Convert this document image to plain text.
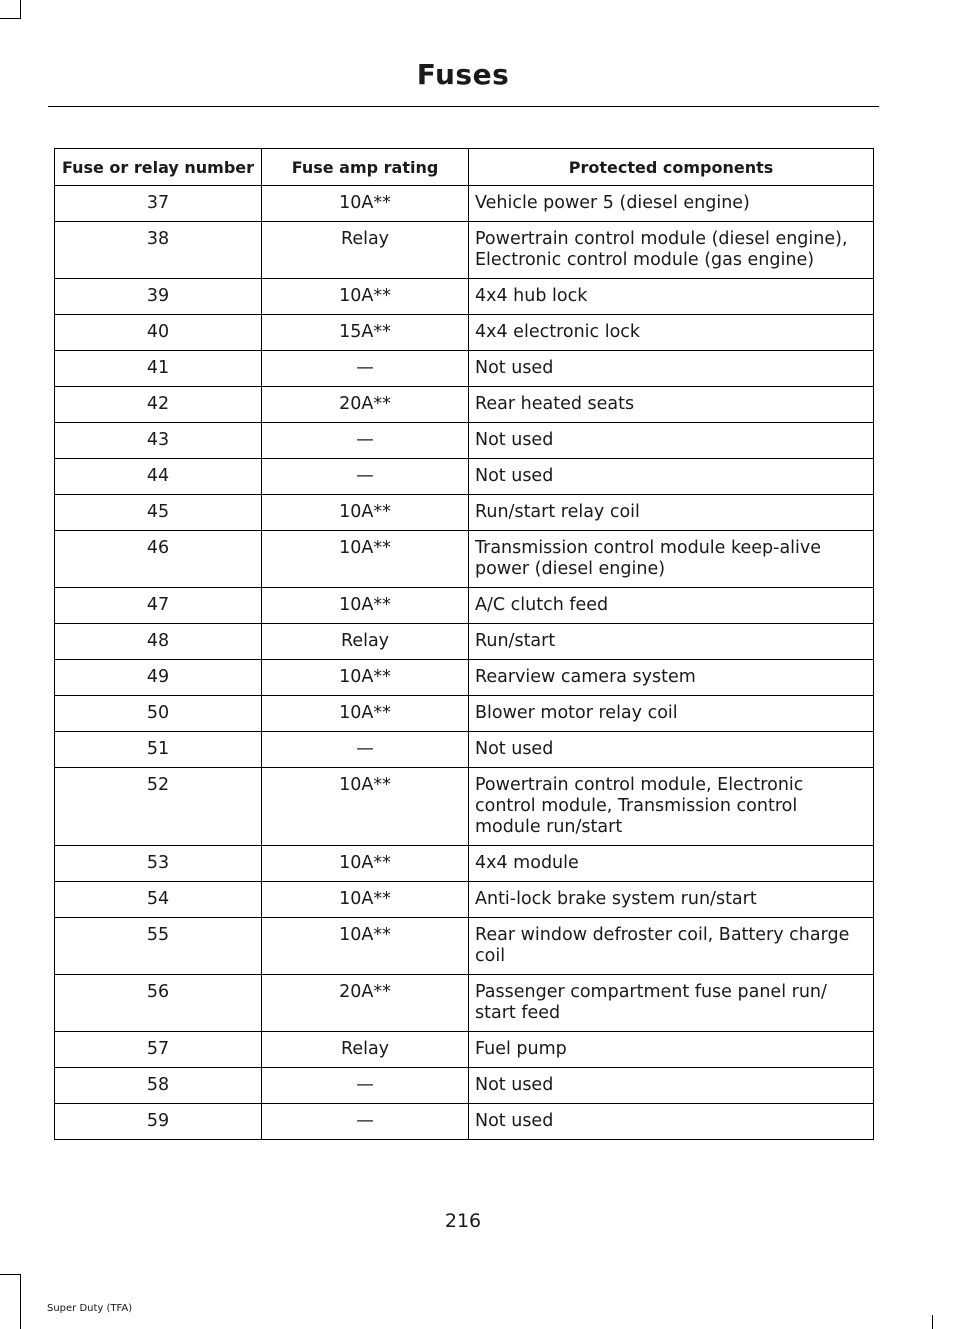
Fuses
Fuse or relay number	Fuse amp rating	Protected components
37	10A**	Vehicle power 5 (diesel engine)
38	Relay	Powertrain control module (diesel engine), Electronic control module (gas engine)
39	10A**	4x4 hub lock
40	15A**	4x4 electronic lock
41	—	Not used
42	20A**	Rear heated seats
43	—	Not used
44	—	Not used
45	10A**	Run/start relay coil
46	10A**	Transmission control module keep-alive power (diesel engine)
47	10A**	A/C clutch feed
48	Relay	Run/start
49	10A**	Rearview camera system
50	10A**	Blower motor relay coil
51	—	Not used
52	10A**	Powertrain control module, Electronic control module, Transmission control module run/start
53	10A**	4x4 module
54	10A**	Anti-lock brake system run/start
55	10A**	Rear window defroster coil, Battery charge coil
56	20A**	Passenger compartment fuse panel run/ start feed
57	Relay	Fuel pump
58	—	Not used
59	—	Not used
216
Super Duty (TFA)
